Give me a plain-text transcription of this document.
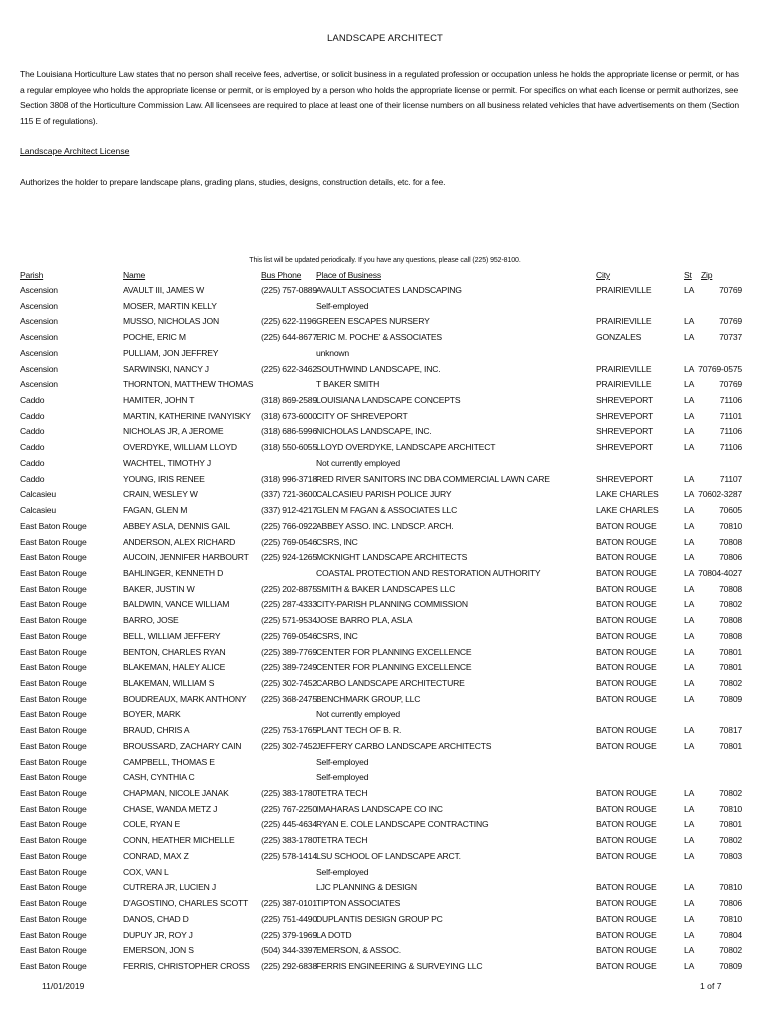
LANDSCAPE ARCHITECT
The Louisiana Horticulture Law states that no person shall receive fees, advertise, or solicit business in a regulated profession or occupation unless he holds the appropriate license or permit, or has a regular employee who holds the appropriate license or permit, or is employed by a person who holds the appropriate license or permit. For specifics on what each license or permit authorizes, see Section 3808 of the Horticulture Commission Law. All licensees are required to place at least one of their license numbers on all business related vehicles that have advertisements on them (Section 115 E of regulations).
Landscape Architect License
Authorizes the holder to prepare landscape plans, grading plans, studies, designs, construction details, etc. for a fee.
This list will be updated periodically. If you have any questions, please call (225) 952-8100.
Parish	Name	Bus Phone Place of Business	City	St Zip
Ascension	AVAULT III, JAMES W	(225) 757-0889 AVAULT ASSOCIATES LANDSCAPING	PRAIRIEVILLE	LA	70769
Ascension	MOSER, MARTIN KELLY	Self-employed
Ascension	MUSSO, NICHOLAS JON	(225) 622-1196 GREEN ESCAPES NURSERY	PRAIRIEVILLE	LA	70769
Ascension	POCHE, ERIC M	(225) 644-8677 ERIC M. POCHE' & ASSOCIATES	GONZALES	LA	70737
Ascension	PULLIAM, JON JEFFREY	unknown
Ascension	SARWINSKI, NANCY J	(225) 622-3462 SOUTHWIND LANDSCAPE, INC.	PRAIRIEVILLE	LA 70769-0575
Ascension	THORNTON, MATTHEW THOMAS	T BAKER SMITH	PRAIRIEVILLE	LA	70769
Caddo	HAMITER, JOHN T	(318) 869-2589 LOUISIANA LANDSCAPE CONCEPTS	SHREVEPORT	LA	71106
Caddo	MARTIN, KATHERINE IVANYISKY (318) 673-6000 CITY OF SHREVEPORT	SHREVEPORT	LA	71101
Caddo	NICHOLAS JR, A JEROME	(318) 686-5996 NICHOLAS LANDSCAPE, INC.	SHREVEPORT	LA	71106
Caddo	OVERDYKE, WILLIAM LLOYD	(318) 550-6055 LLOYD OVERDYKE, LANDSCAPE ARCHITECT	SHREVEPORT	LA	71106
Caddo	WACHTEL, TIMOTHY J	Not currently employed
Caddo	YOUNG, IRIS RENEE	(318) 996-3718 RED RIVER SANITORS INC DBA COMMERCIAL LAWN CARE	SHREVEPORT	LA	71107
Calcasieu	CRAIN, WESLEY W	(337) 721-3600 CALCASIEU PARISH POLICE JURY	LAKE CHARLES	LA 70602-3287
Calcasieu	FAGAN, GLEN M	(337) 912-4217 GLEN M FAGAN & ASSOCIATES LLC	LAKE CHARLES	LA	70605
East Baton Rouge	ABBEY ASLA, DENNIS GAIL	(225) 766-0922 ABBEY ASSO. INC. LNDSCP. ARCH.	BATON ROUGE	LA	70810
East Baton Rouge	ANDERSON, ALEX RICHARD	(225) 769-0546 CSRS, INC	BATON ROUGE	LA	70808
East Baton Rouge	AUCOIN, JENNIFER HARBOURT (225) 924-1265 MCKNIGHT LANDSCAPE ARCHITECTS	BATON ROUGE	LA	70806
East Baton Rouge	BAHLINGER, KENNETH D	COASTAL PROTECTION AND RESTORATION AUTHORITY	BATON ROUGE	LA 70804-4027
East Baton Rouge	BAKER, JUSTIN W	(225) 202-8875 SMITH & BAKER LANDSCAPES LLC	BATON ROUGE	LA	70808
East Baton Rouge	BALDWIN, VANCE WILLIAM	(225) 287-4333 CITY-PARISH PLANNING COMMISSION	BATON ROUGE	LA	70802
East Baton Rouge	BARRO, JOSE	(225) 571-9534 JOSE BARRO PLA, ASLA	BATON ROUGE	LA	70808
East Baton Rouge	BELL, WILLIAM JEFFERY	(225) 769-0546 CSRS, INC	BATON ROUGE	LA	70808
East Baton Rouge	BENTON, CHARLES RYAN	(225) 389-7769 CENTER FOR PLANNING EXCELLENCE	BATON ROUGE	LA	70801
East Baton Rouge	BLAKEMAN, HALEY ALICE	(225) 389-7249 CENTER FOR PLANNING EXCELLENCE	BATON ROUGE	LA	70801
East Baton Rouge	BLAKEMAN, WILLIAM S	(225) 302-7452 CARBO LANDSCAPE ARCHITECTURE	BATON ROUGE	LA	70802
East Baton Rouge	BOUDREAUX, MARK ANTHONY (225) 368-2475 BENCHMARK GROUP, LLC	BATON ROUGE	LA	70809
East Baton Rouge	BOYER, MARK	Not currently employed
East Baton Rouge	BRAUD, CHRIS A	(225) 753-1765 PLANT TECH OF B. R.	BATON ROUGE	LA	70817
East Baton Rouge	BROUSSARD, ZACHARY CAIN (225) 302-7452 JEFFERY CARBO LANDSCAPE ARCHITECTS	BATON ROUGE	LA	70801
East Baton Rouge	CAMPBELL, THOMAS E	Self-employed
East Baton Rouge	CASH, CYNTHIA C	Self-employed
East Baton Rouge	CHAPMAN, NICOLE JANAK	(225) 383-1780 TETRA TECH	BATON ROUGE	LA	70802
East Baton Rouge	CHASE, WANDA METZ J	(225) 767-2250 IMAHARAS LANDSCAPE CO INC	BATON ROUGE	LA	70810
East Baton Rouge	COLE, RYAN E	(225) 445-4634 RYAN E. COLE LANDSCAPE CONTRACTING	BATON ROUGE	LA	70801
East Baton Rouge	CONN, HEATHER MICHELLE	(225) 383-1780 TETRA TECH	BATON ROUGE	LA	70802
East Baton Rouge	CONRAD, MAX Z	(225) 578-1414 LSU SCHOOL OF LANDSCAPE ARCT.	BATON ROUGE	LA	70803
East Baton Rouge	COX, VAN L	Self-employed
East Baton Rouge	CUTRERA JR, LUCIEN J	LJC PLANNING & DESIGN	BATON ROUGE	LA	70810
East Baton Rouge	D'AGOSTINO, CHARLES SCOTT (225) 387-0101 TIPTON ASSOCIATES	BATON ROUGE	LA	70806
East Baton Rouge	DANOS, CHAD D	(225) 751-4490 DUPLANTIS DESIGN GROUP PC	BATON ROUGE	LA	70810
East Baton Rouge	DUPUY JR, ROY J	(225) 379-1969 LA DOTD	BATON ROUGE	LA	70804
East Baton Rouge	EMERSON, JON S	(504) 344-3397 EMERSON, & ASSOC.	BATON ROUGE	LA	70802
East Baton Rouge	FERRIS, CHRISTOPHER CROSS (225) 292-6838 FERRIS ENGINEERING & SURVEYING LLC	BATON ROUGE	LA	70809
11/01/2019	1 of 7
